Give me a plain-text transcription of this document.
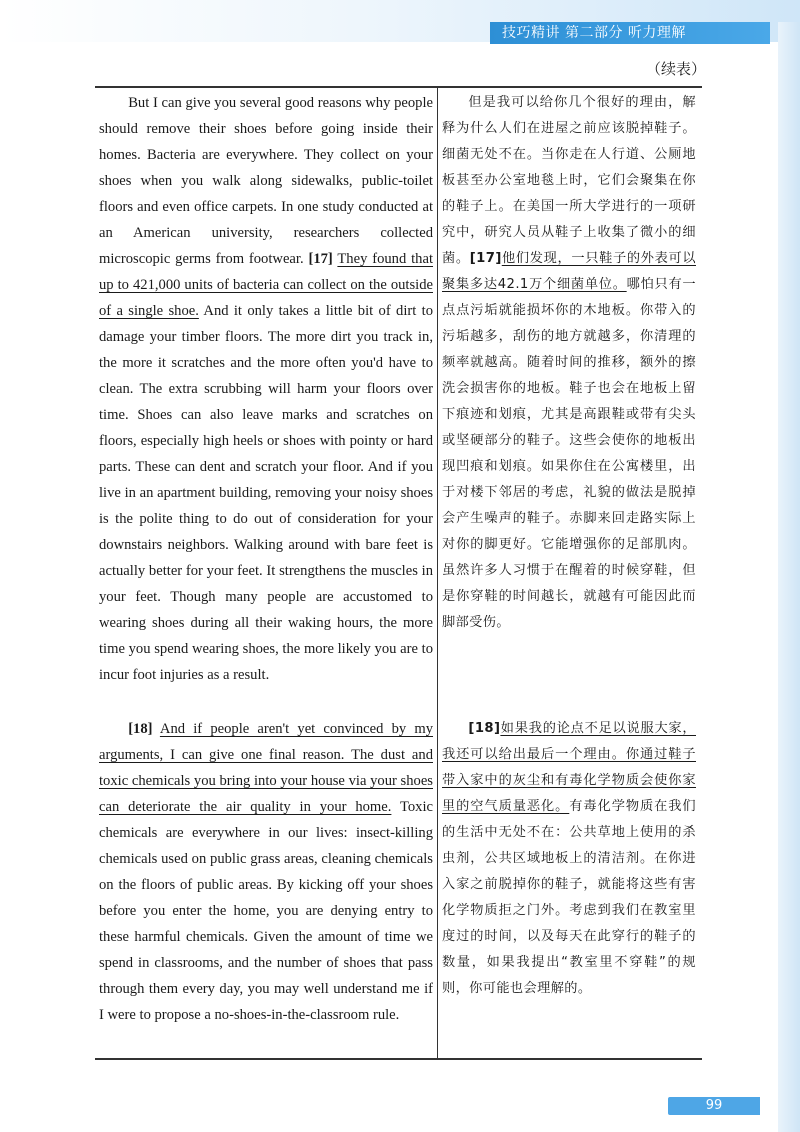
技巧精讲 第二部分 听力理解
（续表）

But I can give you several good reasons why people should remove their shoes before going inside their homes. Bacteria are everywhere. They collect on your shoes when you walk along sidewalks, public-toilet floors and even office carpets. In one study conducted at an American university, researchers collected microscopic germs from footwear. [17] They found that up to 421,000 units of bacteria can collect on the outside of a single shoe. And it only takes a little bit of dirt to damage your timber floors. The more dirt you track in, the more it scratches and the more often you'd have to clean. The extra scrubbing will harm your floors over time. Shoes can also leave marks and scratches on floors, especially high heels or shoes with pointy or hard parts. These can dent and scratch your floor. And if you live in an apartment building, removing your noisy shoes is the polite thing to do out of consideration for your downstairs neighbors. Walking around with bare feet is actually better for your feet. It strengthens the muscles in your feet. Though many people are accustomed to wearing shoes during all their waking hours, the more time you spend wearing shoes, the more likely you are to incur foot injuries as a result.

[18] And if people aren't yet convinced by my arguments, I can give one final reason. The dust and toxic chemicals you bring into your house via your shoes can deteriorate the air quality in your home. Toxic chemicals are everywhere in our lives: insect-killing chemicals used on public grass areas, cleaning chemicals on the floors of public areas. By kicking off your shoes before you enter the home, you are denying entry to these harmful chemicals. Given the amount of time we spend in classrooms, and the number of shoes that pass through them every day, you may well understand me if I were to propose a no-shoes-in-the-classroom rule.

但是我可以给你几个很好的理由，解释为什么人们在进屋之前应该脱掉鞋子。细菌无处不在。当你走在人行道、公厕地板甚至办公室地毯上时，它们会聚集在你的鞋子上。在美国一所大学进行的一项研究中，研究人员从鞋子上收集了微小的细菌。[17]他们发现，一只鞋子的外表可以聚集多达42.1万个细菌单位。哪怕只有一点点污垢就能损坏你的木地板。你带入的污垢越多，刮伤的地方就越多，你清理的频率就越高。随着时间的推移，额外的擦洗会损害你的地板。鞋子也会在地板上留下痕迹和划痕，尤其是高跟鞋或带有尖头或坚硬部分的鞋子。这些会使你的地板出现凹痕和划痕。如果你住在公寓楼里，出于对楼下邻居的考虑，礼貌的做法是脱掉会产生噪声的鞋子。赤脚来回走路实际上对你的脚更好。它能增强你的足部肌肉。虽然许多人习惯于在醒着的时候穿鞋，但是你穿鞋的时间越长，就越有可能因此而脚部受伤。

[18]如果我的论点不足以说服大家，我还可以给出最后一个理由。你通过鞋子带入家中的灰尘和有毒化学物质会使你家里的空气质量恶化。有毒化学物质在我们的生活中无处不在：公共草地上使用的杀虫剂，公共区域地板上的清洁剂。在你进入家之前脱掉你的鞋子，就能将这些有害化学物质拒之门外。考虑到我们在教室里度过的时间，以及每天在此穿行的鞋子的数量，如果我提出“教室里不穿鞋”的规则，你可能也会理解的。

99
